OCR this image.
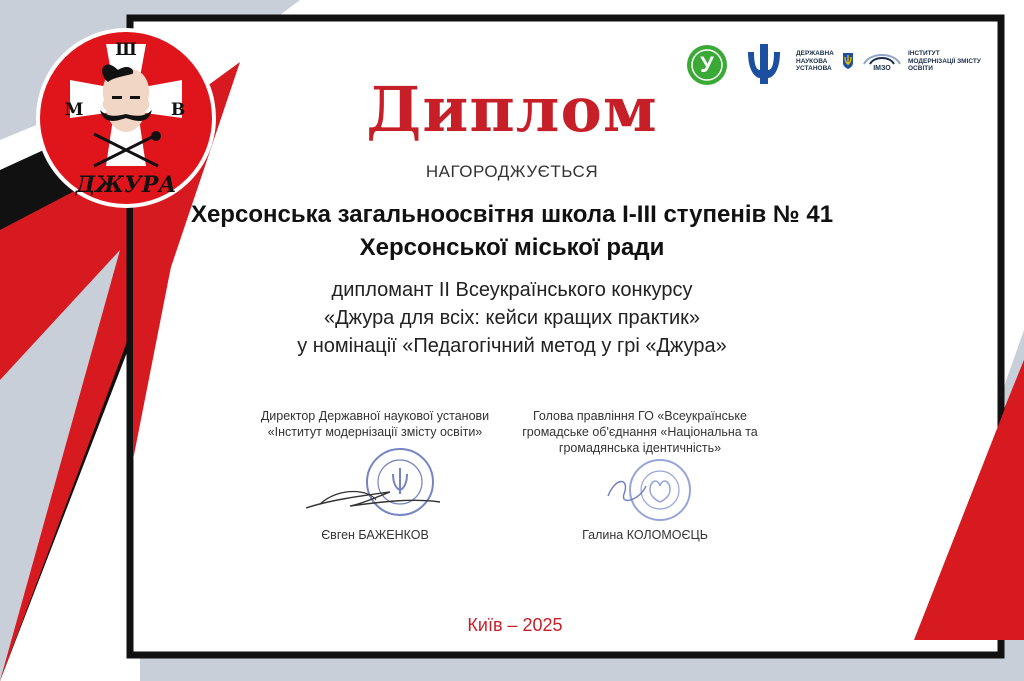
Ш
М	В
ДЖУРА
У	ДЕРЖАВНА
НАУКОВА
УСТАНОВА	ІМЗО
ІНСТИТУТ
МОДЕРНІЗАЦІЇ ЗМІСТУ
ОСВІТИ
Диплом
НАГОРОДЖУЄТЬСЯ
Херсонська загальноосвітня школа І-ІІІ ступенів № 41
Херсонської міської ради
дипломант ІІ Всеукраїнського конкурсу
«Джура для всіх: кейси кращих практик»
у номінації «Педагогічний метод у грі «Джура»
Директор Державної наукової установи
«Інститут модернізації змісту освіти»
Євген БАЖЕНКОВ
Голова правління ГО «Всеукраїнське
громадське об'єднання «Національна та
громадянська ідентичність»
Галина КОЛОМОЄЦЬ
Київ – 2025
